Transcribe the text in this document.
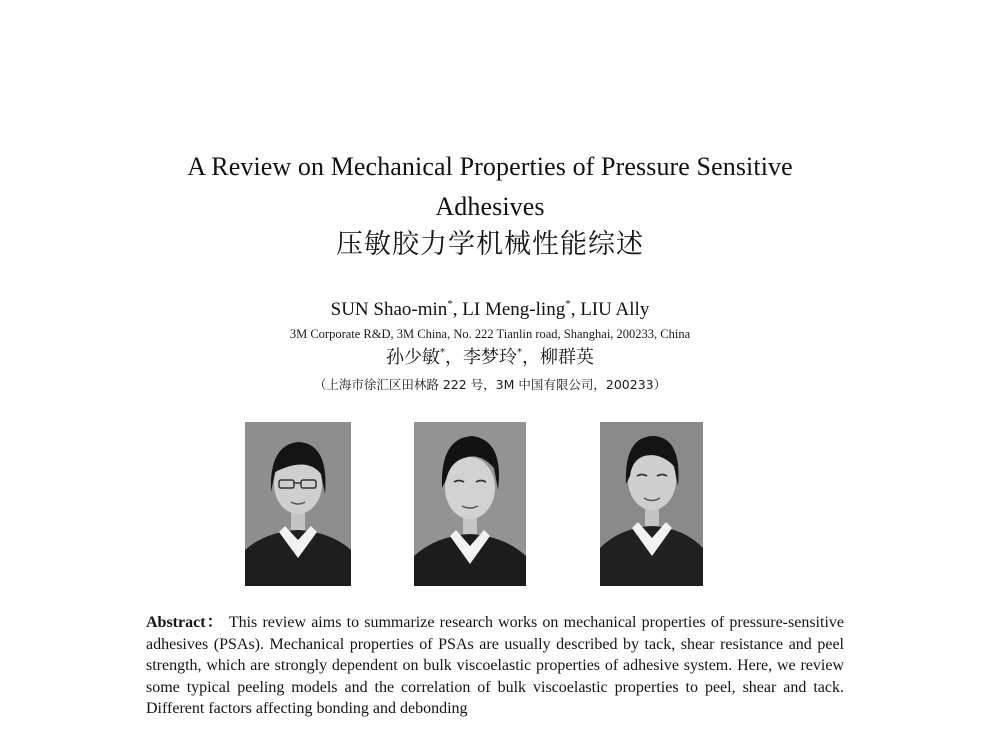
A Review on Mechanical Properties of Pressure Sensitive
Adhesives
压敏胶力学机械性能综述
SUN Shao-min*, LI Meng-ling*, LIU Ally
3M Corporate R&D, 3M China, No. 222 Tianlin road, Shanghai, 200233, China
孙少敏*，李梦玲*，柳群英
（上海市徐汇区田林路 222 号，3M 中国有限公司，200233）
Abstract： This review aims to summarize research works on mechanical properties of pressure-sensitive adhesives (PSAs). Mechanical properties of PSAs are usually described by tack, shear resistance and peel strength, which are strongly dependent on bulk viscoelastic properties of adhesive system. Here, we review some typical peeling models and the correlation of bulk viscoelastic properties to peel, shear and tack. Different factors affecting bonding and debonding
